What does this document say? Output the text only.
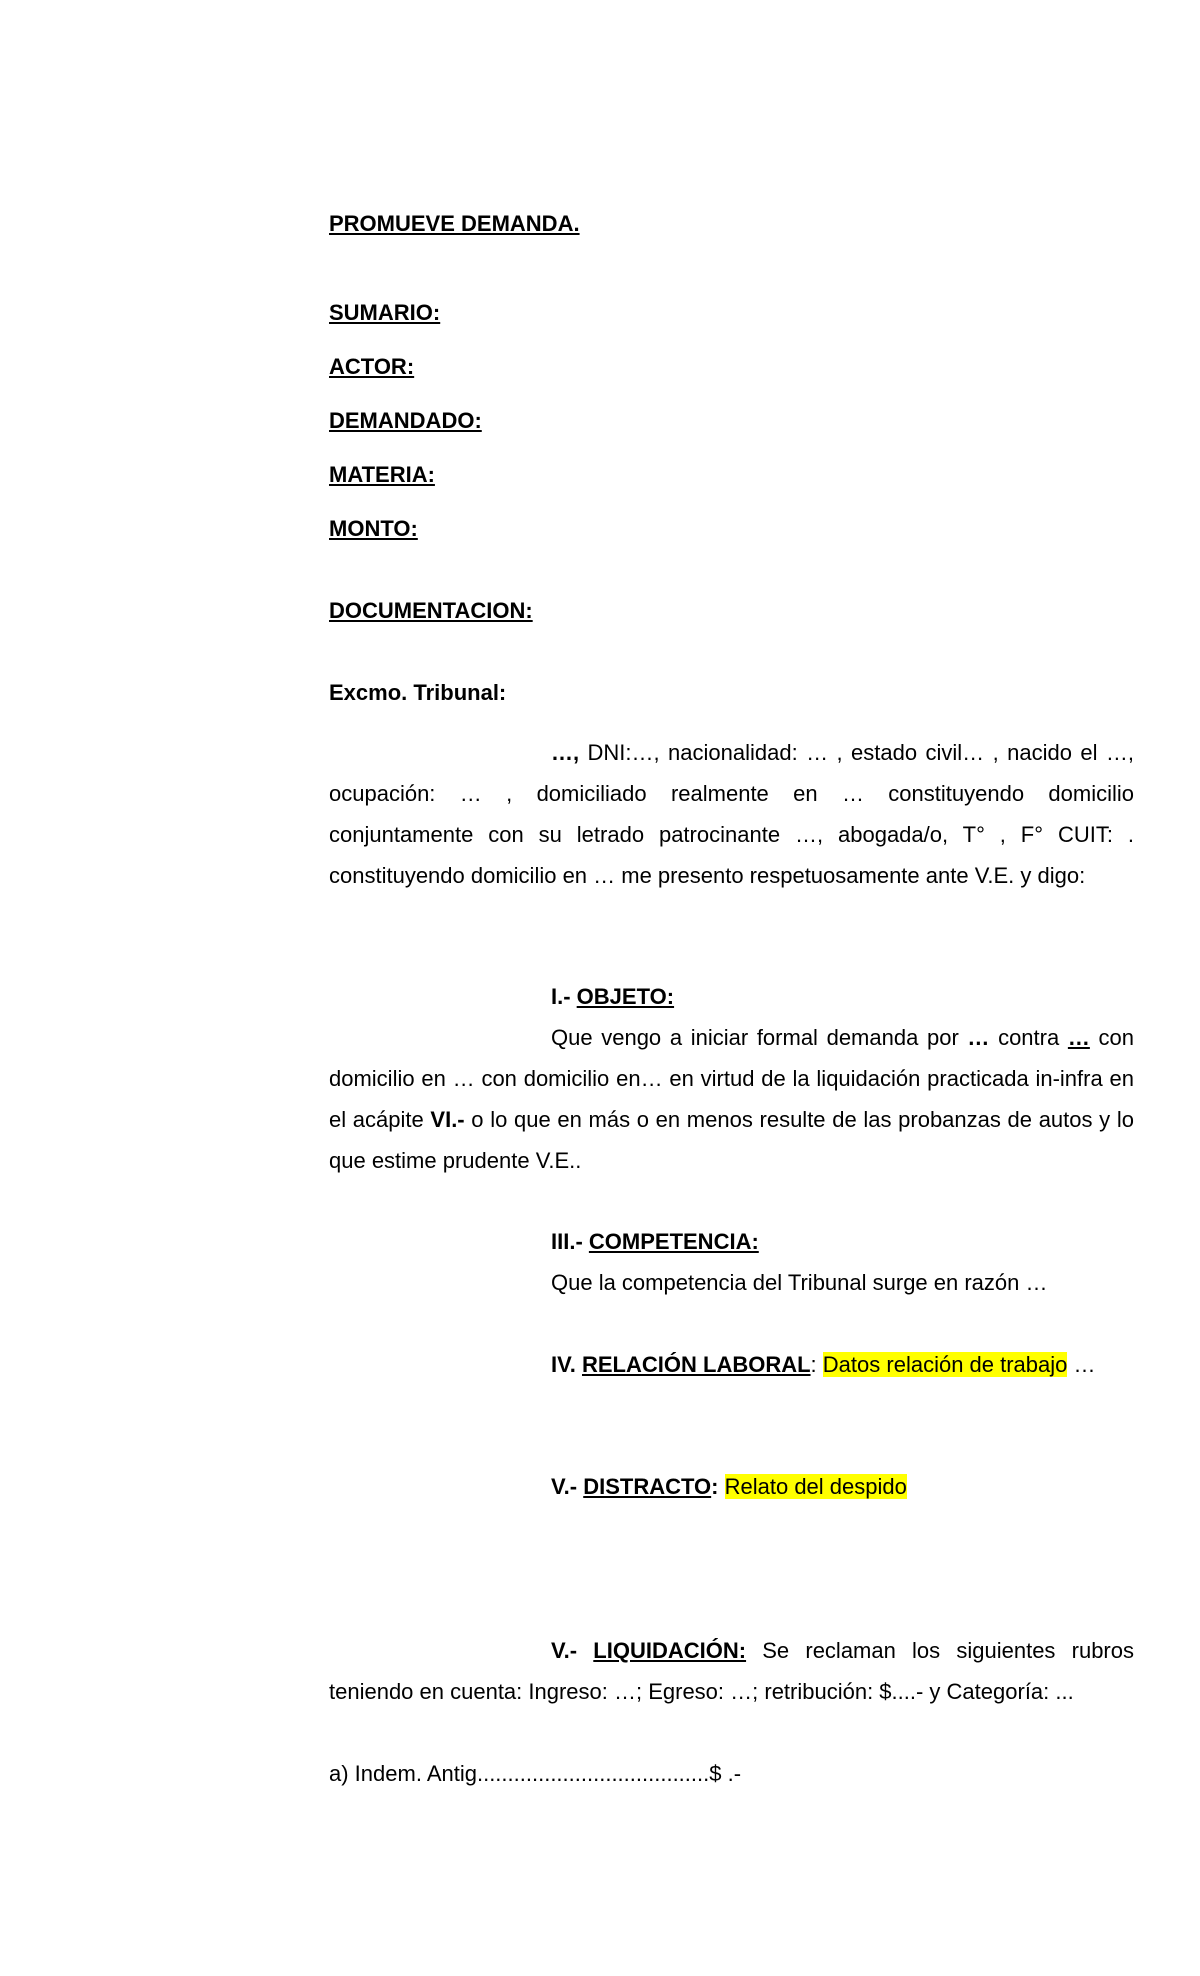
PROMUEVE DEMANDA.
SUMARIO:
ACTOR:
DEMANDADO:
MATERIA:
MONTO:
DOCUMENTACION:
Excmo. Tribunal:
…, DNI:…, nacionalidad: … , estado civil… , nacido el …, ocupación: … , domiciliado realmente en … constituyendo domicilio conjuntamente con su letrado patrocinante …, abogada/o, T° , F° CUIT: . constituyendo domicilio en … me presento respetuosamente ante V.E. y digo:
I.- OBJETO:
Que vengo a iniciar formal demanda por … contra … con domicilio en … con domicilio en… en virtud de la liquidación practicada in-infra en el acápite VI.- o lo que en más o en menos resulte de las probanzas de autos y lo que estime prudente V.E..
III.- COMPETENCIA:
Que la competencia del Tribunal surge en razón …
IV. RELACIÓN LABORAL: Datos relación de trabajo …
V.- DISTRACTO: Relato del despido
V.- LIQUIDACIÓN: Se reclaman los siguientes rubros teniendo en cuenta: Ingreso: …; Egreso: …; retribución: $....- y Categoría: ...
a) Indem. Antig......................................$ .-
